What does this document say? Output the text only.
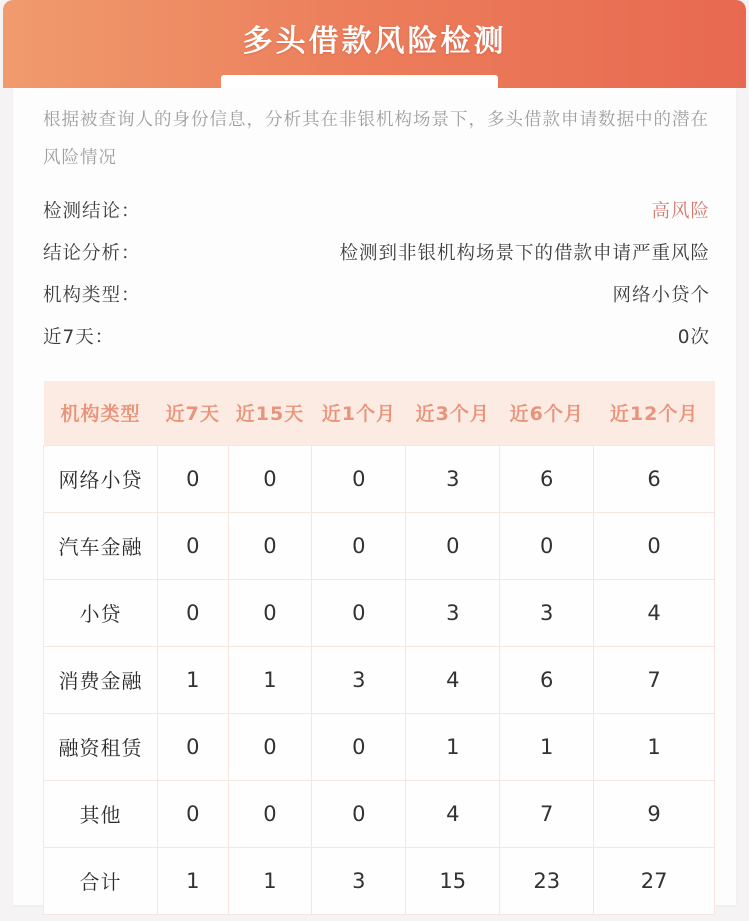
多头借款风险检测
根据被查询人的身份信息，分析其在非银机构场景下，多头借款申请数据中的潜在风险情况
检测结论：	高风险
结论分析：	检测到非银机构场景下的借款申请严重风险
机构类型：	网络小贷个
近7天：	0次
机构类型	近7天	近15天	近1个月	近3个月	近6个月	近12个月
网络小贷	0	0	0	3	6	6
汽车金融	0	0	0	0	0	0
小贷	0	0	0	3	3	4
消费金融	1	1	3	4	6	7
融资租赁	0	0	0	1	1	1
其他	0	0	0	4	7	9
合计	1	1	3	15	23	27
